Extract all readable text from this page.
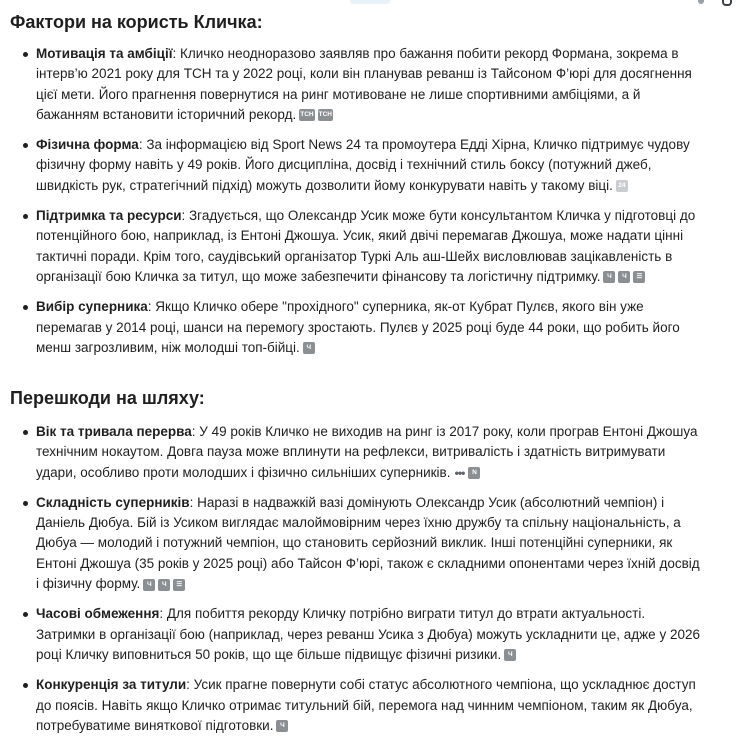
Фактори на користь Кличка:
Мотивація та амбіції: Кличко неодноразово заявляв про бажання побити рекорд Формана, зокрема в інтерв’ю 2021 року для ТСН та у 2022 році, коли він планував реванш із Тайсоном Ф’юрі для досягнення цієї мети. Його прагнення повернутися на ринг мотивоване не лише спортивними амбіціями, а й бажанням встановити історичний рекорд. TCH TCH
Фізична форма: За інформацією від Sport News 24 та промоутера Едді Хірна, Кличко підтримує чудову фізичну форму навіть у 49 років. Його дисципліна, досвід і технічний стиль боксу (потужний джеб, швидкість рук, стратегічний підхід) можуть дозволити йому конкурувати навіть у такому віці. 24
Підтримка та ресурси: Згадується, що Олександр Усик може бути консультантом Кличка у підготовці до потенційного бою, наприклад, із Ентоні Джошуа. Усик, який двічі перемагав Джошуа, може надати цінні тактичні поради. Крім того, саудівський організатор Туркі Аль аш-Шейх висловлював зацікавленість в організації бою Кличка за титул, що може забезпечити фінансову та логістичну підтримку. Ч Ч ☰
Вибір суперника: Якщо Кличко обере "прохідного" суперника, як-от Кубрат Пулєв, якого він уже перемагав у 2014 році, шанси на перемогу зростають. Пулєв у 2025 році буде 44 роки, що робить його менш загрозливим, ніж молодші топ-бійці. Ч
Перешкоди на шляху:
Вік та тривала перерва: У 49 років Кличко не виходив на ринг із 2017 року, коли програв Ентоні Джошуа технічним нокаутом. Довга пауза може вплинути на рефлекси, витривалість і здатність витримувати удари, особливо проти молодших і фізично сильніших суперників. ••• N
Складність суперників: Наразі в надважкій вазі домінують Олександр Усик (абсолютний чемпіон) і Даніель Дюбуа. Бій із Усиком виглядає малоймовірним через їхню дружбу та спільну національність, а Дюбуа — молодий і потужний чемпіон, що становить серйозний виклик. Інші потенційні суперники, як Ентоні Джошуа (35 років у 2025 році) або Тайсон Ф’юрі, також є складними опонентами через їхній досвід і фізичну форму. Ч Ч ☰
Часові обмеження: Для побиття рекорду Кличку потрібно виграти титул до втрати актуальності. Затримки в організації бою (наприклад, через реванш Усика з Дюбуа) можуть ускладнити це, адже у 2026 році Кличку виповниться 50 років, що ще більше підвищує фізичні ризики. Ч
Конкуренція за титули: Усик прагне повернути собі статус абсолютного чемпіона, що ускладнює доступ до поясів. Навіть якщо Кличко отримає титульний бій, перемога над чинним чемпіоном, таким як Дюбуа, потребуватиме виняткової підготовки. Ч
